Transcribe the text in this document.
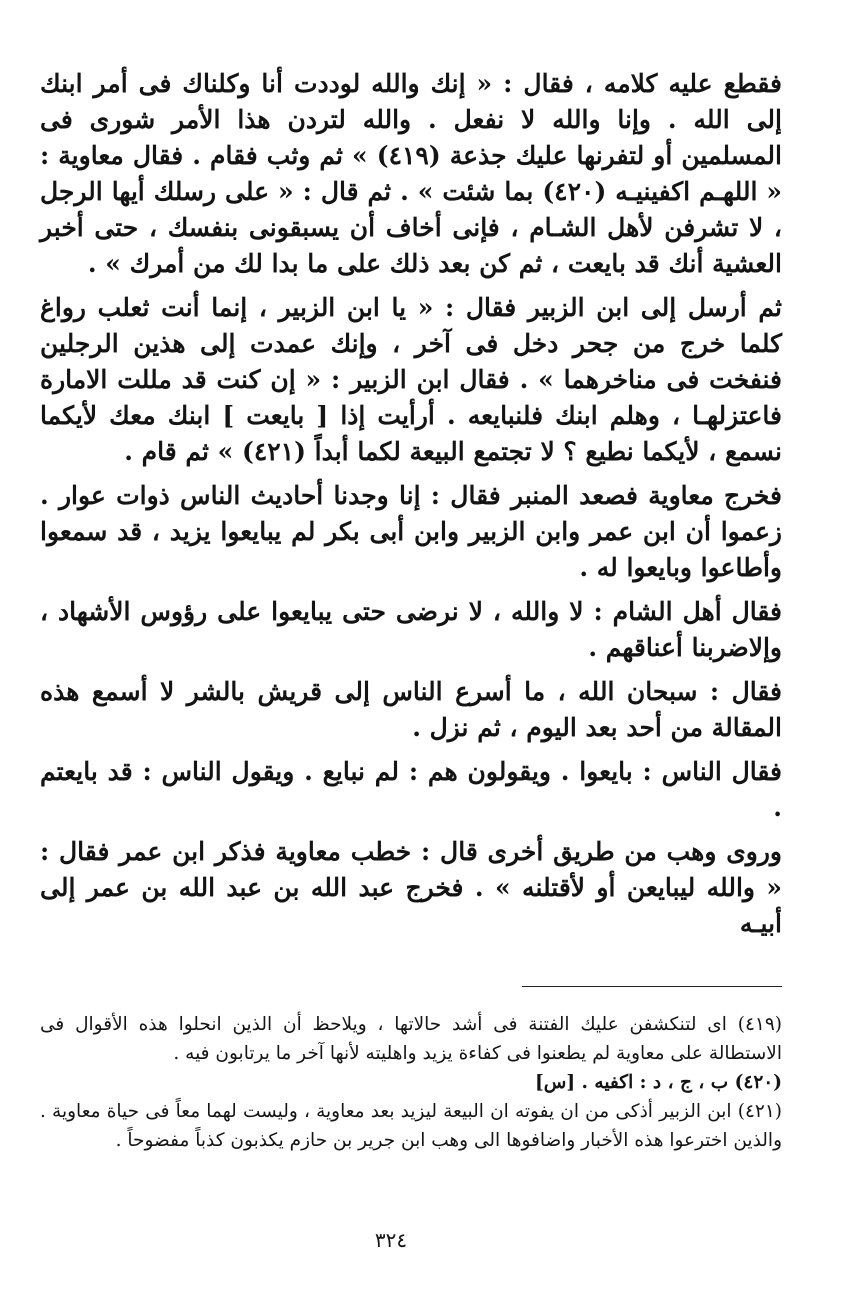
فقطع عليه كلامه ، فقال : « إنك والله لوددت أنا وكلناك فى أمر ابنك إلى الله . وإنا والله لا نفعل . والله لتردن هذا الأمر شورى فى المسلمين أو لتفرنها عليك جذعة (٤١٩) » ثم وثب فقام . فقال معاوية : « اللهـم اكفينيـه (٤٢٠) بما شئت » . ثم قال : « على رسلك أيها الرجل ، لا تشرفن لأهل الشـام ، فإنى أخاف أن يسبقونى بنفسك ، حتى أخبر العشية أنك قد بايعت ، ثم كن بعد ذلك على ما بدا لك من أمرك » .

ثم أرسل إلى ابن الزبير فقال : « يا ابن الزبير ، إنما أنت ثعلب رواغ كلما خرج من جحر دخل فى آخر ، وإنك عمدت إلى هذين الرجلين فنفخت فى مناخرهما » . فقال ابن الزبير : « إن كنت قد مللت الامارة فاعتزلهـا ، وهلم ابنك فلنبايعه . أرأيت إذا [ بايعت ] ابنك معك لأيكما نسمع ، لأيكما نطيع ؟ لا تجتمع البيعة لكما أبداً (٤٢١) » ثم قام .

فخرج معاوية فصعد المنبر فقال : إنا وجدنا أحاديث الناس ذوات عوار . زعموا أن ابن عمر وابن الزبير وابن أبى بكر لم يبايعوا يزيد ، قد سمعوا وأطاعوا وبايعوا له .

فقال أهل الشام : لا والله ، لا نرضى حتى يبايعوا على رؤوس الأشهاد ، وإلاضربنا أعناقهم .

فقال : سبحان الله ، ما أسرع الناس إلى قريش بالشر لا أسمع هذه المقالة من أحد بعد اليوم ، ثم نزل .

فقال الناس : بايعوا . ويقولون هم : لم نبايع . ويقول الناس : قد بايعتم .

وروى وهب من طريق أخرى قال : خطب معاوية فذكر ابن عمر فقال : « والله ليبايعن أو لأقتلنه » . فخرج عبد الله بن عبد الله بن عمر إلى أبيـه

(٤١٩) اى لتنكشفن عليك الفتنة فى أشد حالاتها ، ويلاحظ أن الذين انحلوا هذه الأقوال فى الاستطالة على معاوية لم يطعنوا فى كفاءة يزيد واهليته لأنها آخر ما يرتابون فيه .

(٤٢٠) ب ، ج ، د : اكفيه . [س]

(٤٢١) ابن الزبير أذكى من ان يفوته ان البيعة ليزيد بعد معاوية ، وليست لهما معاً فى حياة معاوية . والذين اخترعوا هذه الأخبار واضافوها الى وهب ابن جرير بن حازم يكذبون كذباً مفضوحاً .

٣٢٤
